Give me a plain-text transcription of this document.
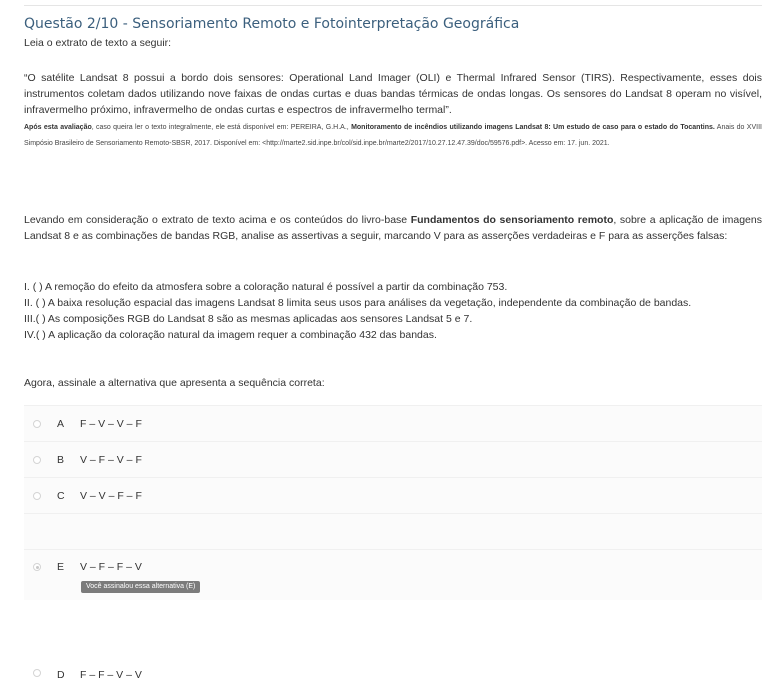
Questão 2/10 - Sensoriamento Remoto e Fotointerpretação Geográfica
Leia o extrato de texto a seguir:
“O satélite Landsat 8 possui a bordo dois sensores: Operational Land Imager (OLI) e Thermal Infrared Sensor (TIRS). Respectivamente, esses dois instrumentos coletam dados utilizando nove faixas de ondas curtas e duas bandas térmicas de ondas longas. Os sensores do Landsat 8 operam no visível, infravermelho próximo, infravermelho de ondas curtas e espectros de infravermelho termal”.
Após esta avaliação, caso queira ler o texto integralmente, ele está disponível em: PEREIRA, G.H.A., Monitoramento de incêndios utilizando imagens Landsat 8: Um estudo de caso para o estado do Tocantins. Anais do XVIII Simpósio Brasileiro de Sensoriamento Remoto-SBSR, 2017. Disponível em: <http://marte2.sid.inpe.br/col/sid.inpe.br/marte2/2017/10.27.12.47.39/doc/59576.pdf>. Acesso em: 17. jun. 2021.
Levando em consideração o extrato de texto acima e os conteúdos do livro-base Fundamentos do sensoriamento remoto, sobre a aplicação de imagens Landsat 8 e as combinações de bandas RGB, analise as assertivas a seguir, marcando V para as asserções verdadeiras e F para as asserções falsas:
I. ( ) A remoção do efeito da atmosfera sobre a coloração natural é possível a partir da combinação 753.
II. ( ) A baixa resolução espacial das imagens Landsat 8 limita seus usos para análises da vegetação, independente da combinação de bandas.
III.( ) As composições RGB do Landsat 8 são as mesmas aplicadas aos sensores Landsat 5 e 7.
IV.( ) A aplicação da coloração natural da imagem requer a combinação 432 das bandas.
Agora, assinale a alternativa que apresenta a sequência correta:
A	F – V – V – F
B	V – F – V – F
C	V – V – F – F
D	F – F – V – V
E	V – F – F – V
Você assinalou essa alternativa (E)
